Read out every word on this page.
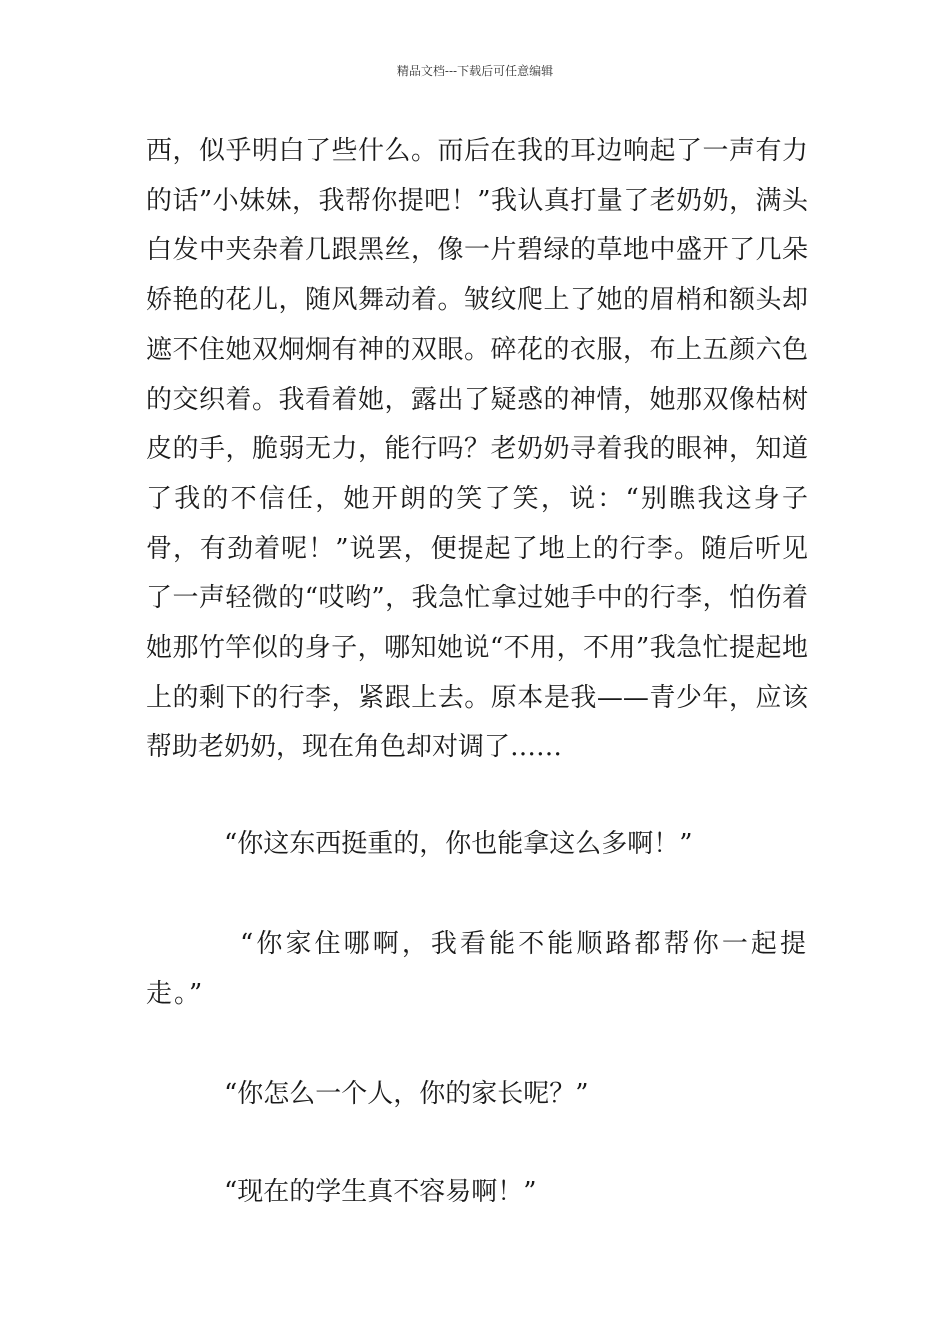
精品文档---下载后可任意编辑

西，似乎明白了些什么。而后在我的耳边响起了一声有力的话”小妹妹，我帮你提吧！”我认真打量了老奶奶，满头白发中夹杂着几跟黑丝，像一片碧绿的草地中盛开了几朵娇艳的花儿，随风舞动着。皱纹爬上了她的眉梢和额头却遮不住她双炯炯有神的双眼。碎花的衣服，布上五颜六色的交织着。我看着她，露出了疑惑的神情，她那双像枯树皮的手，脆弱无力，能行吗？老奶奶寻着我的眼神，知道了我的不信任，她开朗的笑了笑，说：“别瞧我这身子骨，有劲着呢！”说罢，便提起了地上的行李。随后听见了一声轻微的“哎哟”，我急忙拿过她手中的行李，怕伤着她那竹竿似的身子，哪知她说“不用，不用”我急忙提起地上的剩下的行李，紧跟上去。原本是我——青少年，应该帮助老奶奶，现在角色却对调了……

“你这东西挺重的，你也能拿这么多啊！”

“你家住哪啊，我看能不能顺路都帮你一起提走。”

“你怎么一个人，你的家长呢？”

“现在的学生真不容易啊！”
